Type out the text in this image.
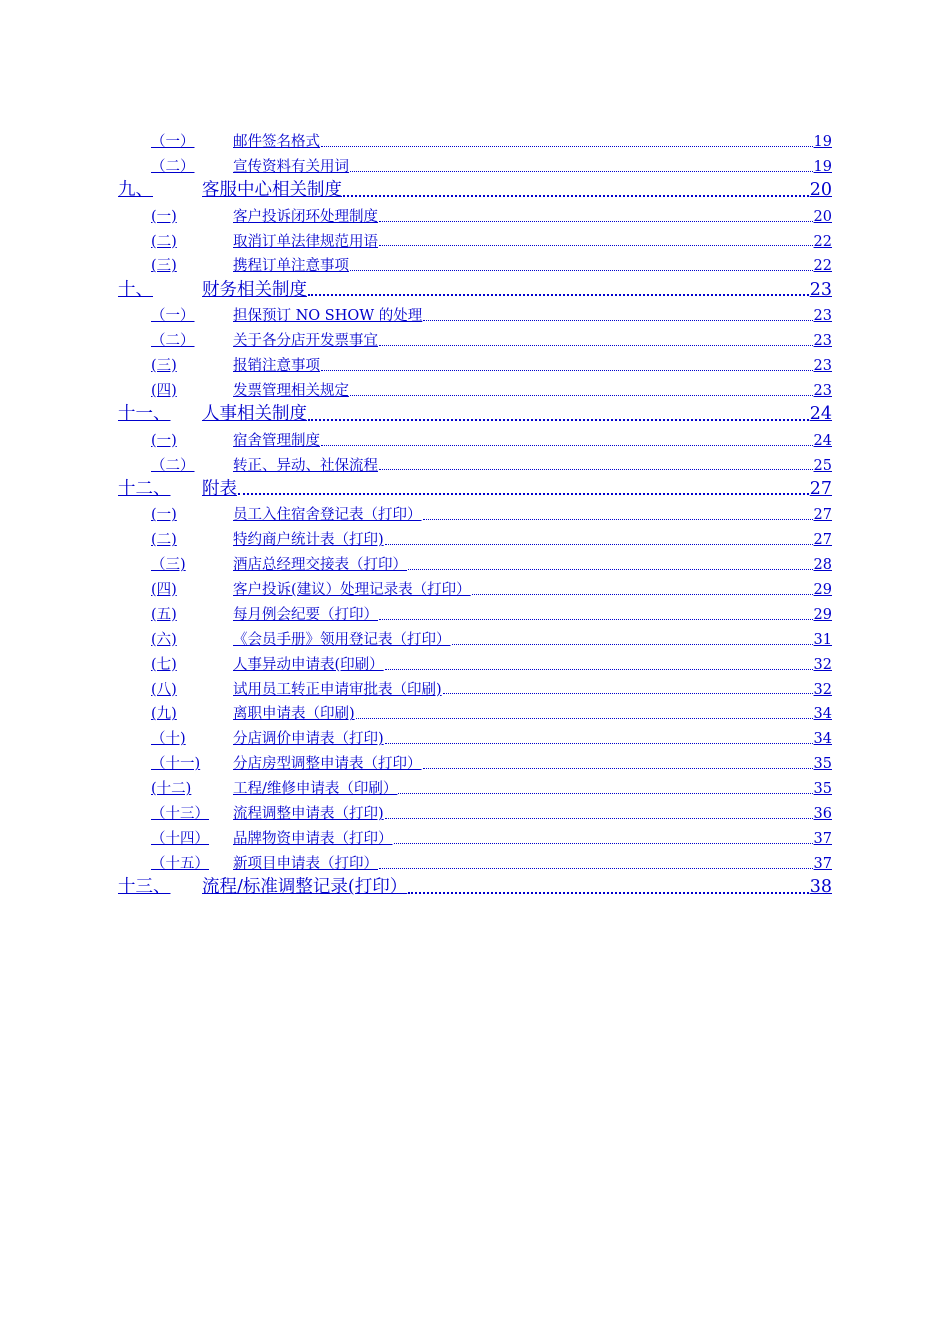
（一）	邮件签名格式	19
（二）	宣传资料有关用词	19
九、	客服中心相关制度	20
(一)	客户投诉闭环处理制度	20
(二)	取消订单法律规范用语	22
(三)	携程订单注意事项	22
十、	财务相关制度	23
（一）	担保预订 NO SHOW 的处理	23
（二）	关于各分店开发票事宜	23
(三)	报销注意事项	23
(四)	发票管理相关规定	23
十一、	人事相关制度	24
(一)	宿舍管理制度	24
（二）	转正、异动、社保流程	25
十二、	附表	27
(一)	员工入住宿舍登记表（打印）	27
(二)	特约商户统计表（打印)	27
（三)	酒店总经理交接表（打印）	28
(四)	客户投诉(建议）处理记录表（打印）	29
(五)	每月例会纪要（打印）	29
(六)	《会员手册》领用登记表（打印）	31
(七)	人事异动申请表(印刷）	32
(八)	试用员工转正申请审批表（印刷)	32
(九)	离职申请表（印刷)	34
（十)	分店调价申请表（打印)	34
（十一)	分店房型调整申请表（打印）	35
(十二)	工程/维修申请表（印刷）	35
（十三）	流程调整申请表（打印)	36
（十四）	品牌物资申请表（打印）	37
（十五）	新项目申请表（打印）	37
十三、	流程/标准调整记录(打印）	38
